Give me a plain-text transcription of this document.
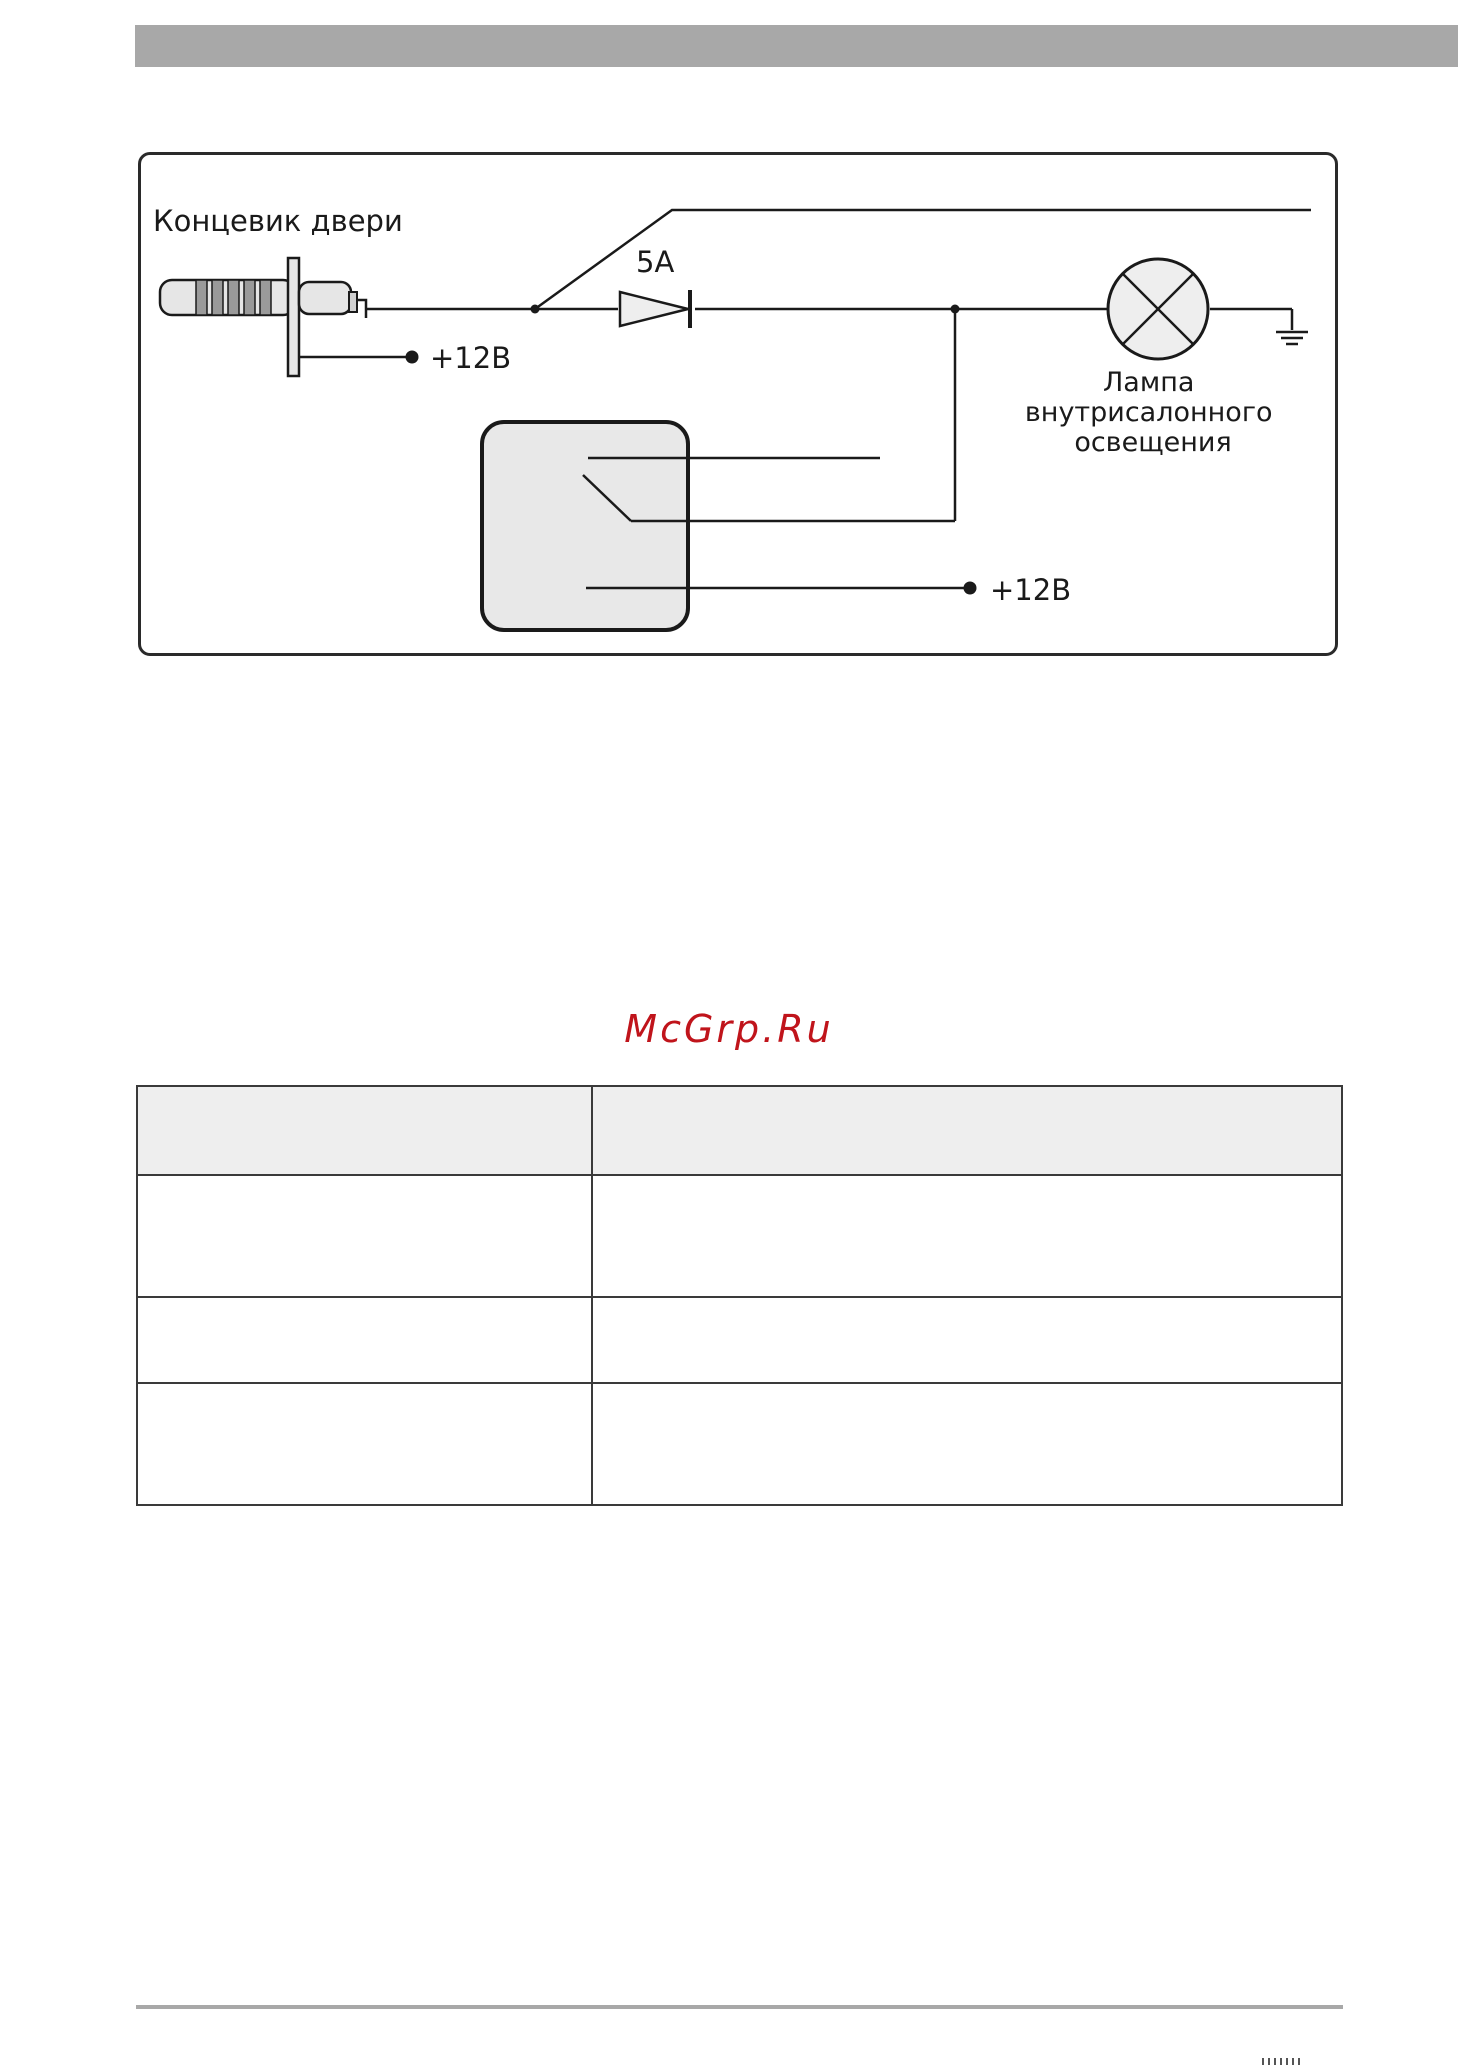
Концевик двери
5А
Лампа внутрисалонного освещения
+12В
+12В
McGrp.Ru
